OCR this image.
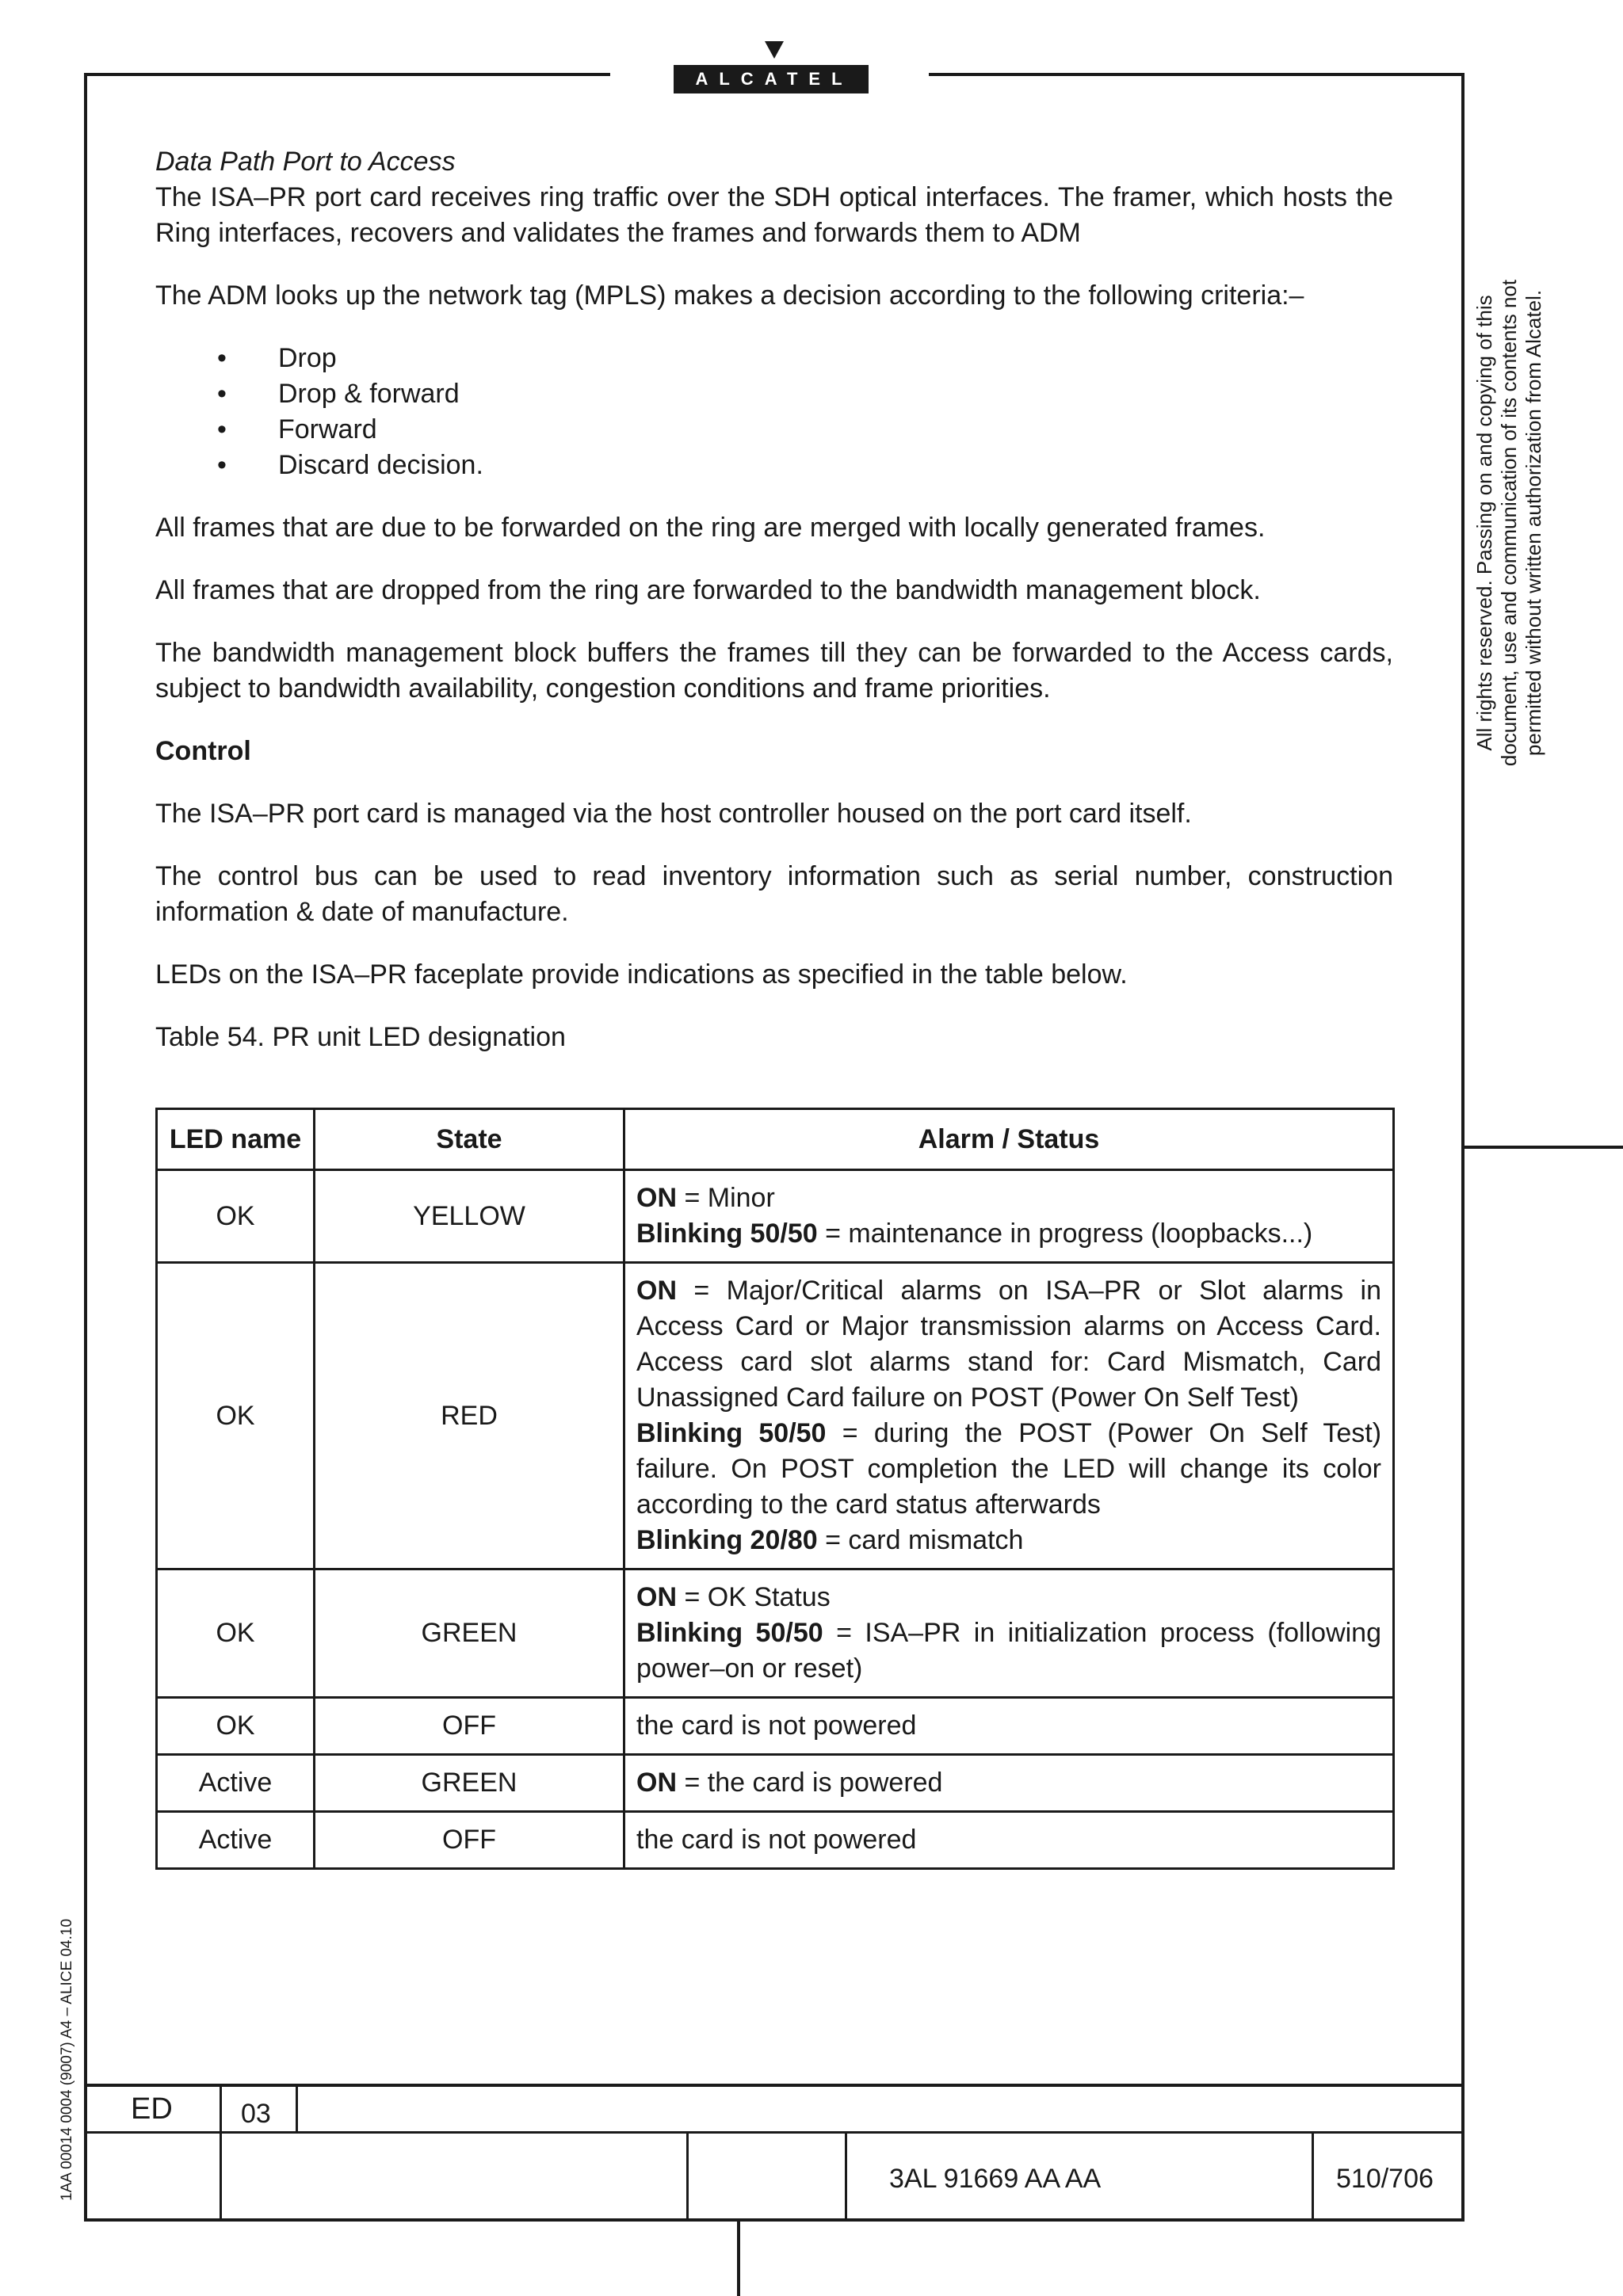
ALCATEL
Data Path Port to Access

The ISA–PR port card receives ring traffic over the SDH optical interfaces. The framer, which hosts the Ring interfaces, recovers and validates the frames and forwards them to ADM

The ADM looks up the network tag (MPLS) makes a decision according to the following criteria:–

• Drop
• Drop & forward
• Forward
• Discard decision.

All frames that are due to be forwarded on the ring are merged with locally generated frames.

All frames that are dropped from the ring are forwarded to the bandwidth management block.

The bandwidth management block buffers the frames till they can be forwarded to the Access cards, subject to bandwidth availability, congestion conditions and frame priorities.

Control

The ISA–PR port card is managed via the host controller housed on the port card itself.

The control bus can be used to read inventory information such as serial number, construction information & date of manufacture.

LEDs on the ISA–PR faceplate provide indications as specified in the table below.

Table 54. PR unit LED designation

LED name	State	Alarm / Status
OK	YELLOW	ON = Minor
Blinking 50/50 = maintenance in progress (loopbacks...)

OK	RED	ON = Major/Critical alarms on ISA–PR or Slot alarms in Access Card or Major transmission alarms on Access Card. Access card slot alarms stand for: Card Mismatch, Card Unassigned Card failure on POST (Power On Self Test)
Blinking 50/50 = during the POST (Power On Self Test) failure. On POST completion the LED will change its color according to the card status afterwards
Blinking 20/80 = card mismatch

OK	GREEN	ON = OK Status
Blinking 50/50 = ISA–PR in initialization process (following power–on or reset)

OK	OFF	the card is not powered

Active	GREEN	ON = the card is powered

Active	OFF	the card is not powered
All rights reserved. Passing on and copying of this document, use and communication of its contents not permitted without written authorization from Alcatel.
1AA 00014 0004 (9007) A4 – ALICE 04.10 ED	03
3AL 91669 AA AA	510/706
